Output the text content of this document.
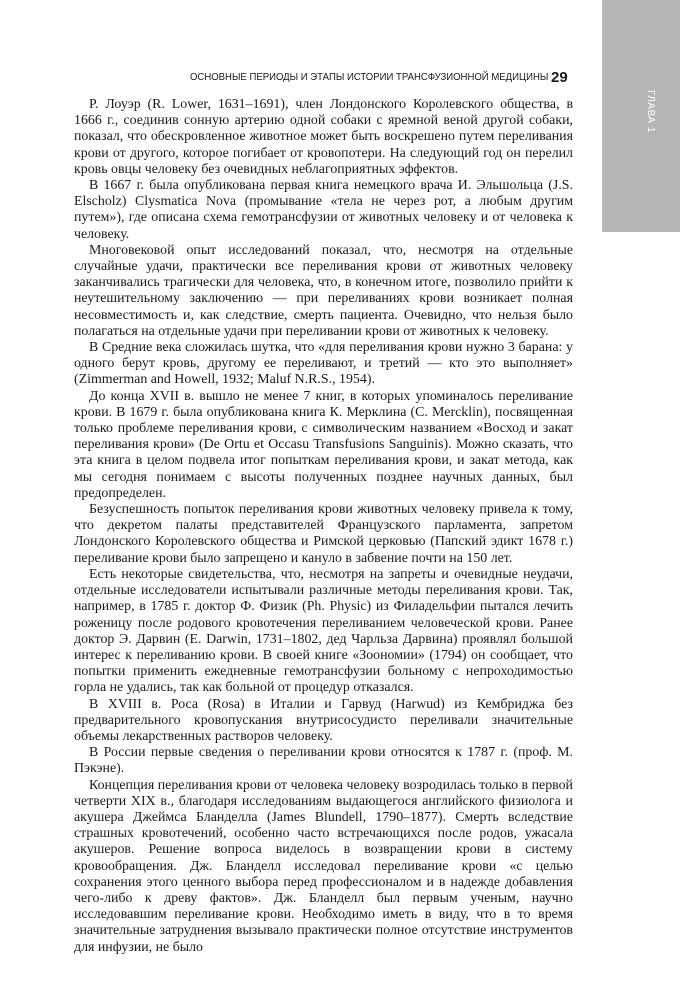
ГЛАВА 1
ОСНОВНЫЕ ПЕРИОДЫ И ЭТАПЫ ИСТОРИИ ТРАНСФУЗИОННОЙ МЕДИЦИНЫ 29

Р. Лоуэр (R. Lower, 1631–1691), член Лондонского Королевского общества, в 1666 г., соединив сонную артерию одной собаки с яремной веной другой собаки, показал, что обескровленное животное может быть воскрешено путем переливания крови от другого, которое погибает от кровопотери. На следующий год он перелил кровь овцы человеку без очевидных неблагоприятных эффектов.

В 1667 г. была опубликована первая книга немецкого врача И. Эльшольца (J.S. Elscholz) Clysmatica Nova (промывание «тела не через рот, а любым другим путем»), где описана схема гемотрансфузии от животных человеку и от человека к человеку.

Многовековой опыт исследований показал, что, несмотря на отдельные случайные удачи, практически все переливания крови от животных человеку заканчивались трагически для человека, что, в конечном итоге, позволило прийти к неутешительному заключению — при переливаниях крови возникает полная несовместимость и, как следствие, смерть пациента. Очевидно, что нельзя было полагаться на отдельные удачи при переливании крови от животных к человеку.

В Средние века сложилась шутка, что «для переливания крови нужно 3 барана: у одного берут кровь, другому ее переливают, и третий — кто это выполняет» (Zimmerman and Howell, 1932; Maluf N.R.S., 1954).

До конца XVII в. вышло не менее 7 книг, в которых упоминалось переливание крови. В 1679 г. была опубликована книга К. Мерклина (C. Mercklin), посвященная только проблеме переливания крови, с символическим названием «Восход и закат переливания крови» (De Ortu et Occasu Transfusions Sanguinis). Можно сказать, что эта книга в целом подвела итог попыткам переливания крови, и закат метода, как мы сегодня понимаем с высоты полученных позднее научных данных, был предопределен.

Безуспешность попыток переливания крови животных человеку привела к тому, что декретом палаты представителей Французского парламента, запретом Лондонского Королевского общества и Римской церковью (Папский эдикт 1678 г.) переливание крови было запрещено и кануло в забвение почти на 150 лет.

Есть некоторые свидетельства, что, несмотря на запреты и очевидные неудачи, отдельные исследователи испытывали различные методы переливания крови. Так, например, в 1785 г. доктор Ф. Физик (Ph. Physic) из Филадельфии пытался лечить роженицу после родового кровотечения переливанием человеческой крови. Ранее доктор Э. Дарвин (E. Darwin, 1731–1802, дед Чарльза Дарвина) проявлял большой интерес к переливанию крови. В своей книге «Зоономии» (1794) он сообщает, что попытки применить ежедневные гемотрансфузии больному с непроходимостью горла не удались, так как больной от процедур отказался.

В XVIII в. Роса (Rosa) в Италии и Гарвуд (Harwud) из Кембриджа без предварительного кровопускания внутрисосудисто переливали значительные объемы лекарственных растворов человеку.

В России первые сведения о переливании крови относятся к 1787 г. (проф. М. Пэкэне).

Концепция переливания крови от человека человеку возродилась только в первой четверти XIX в., благодаря исследованиям выдающегося английского физиолога и акушера Джеймса Бланделла (James Blundell, 1790–1877). Смерть вследствие страшных кровотечений, особенно часто встречающихся после родов, ужасала акушеров. Решение вопроса виделось в возвращении крови в систему кровообращения. Дж. Бланделл исследовал переливание крови «с целью сохранения этого ценного выбора перед профессионалом и в надежде добавления чего-либо к древу фактов». Дж. Бланделл был первым ученым, научно исследовавшим переливание крови. Необходимо иметь в виду, что в то время значительные затруднения вызывало практически полное отсутствие инструментов для инфузии, не было
